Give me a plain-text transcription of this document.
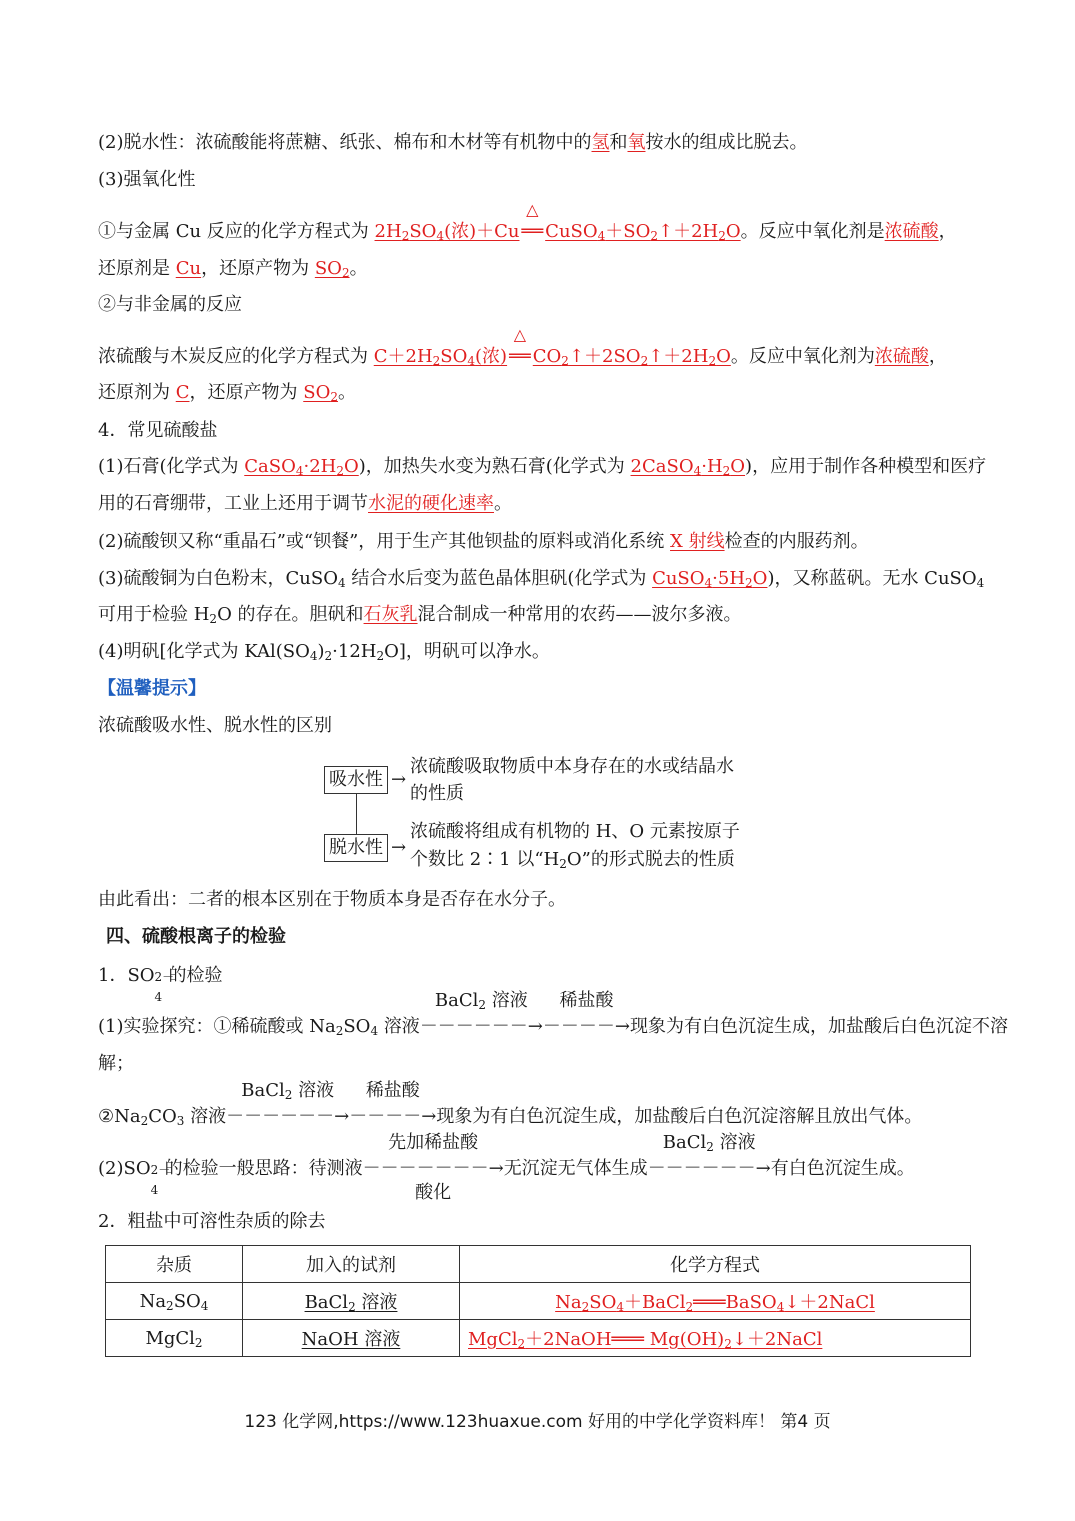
(2)脱水性：浓硫酸能将蔗糖、纸张、棉布和木材等有机物中的氢和氧按水的组成比脱去。
(3)强氧化性
①与金属 Cu 反应的化学方程式为 $2H_2SO_4$(浓)＋Cu
△
══ $CuSO_4+SO_2↑+2H_2O$。反应中氧化剂是浓硫酸，
还原剂是 Cu，还原产物为 $SO_2$。
②与非金属的反应
浓硫酸与木炭反应的化学方程式为 $C+2H_2SO_4$(浓)
△
══ $CO_2↑+2SO_2↑+2H_2O$。反应中氧化剂为浓硫酸，
还原剂为 C，还原产物为 $SO_2$。
4．常见硫酸盐
(1)石膏(化学式为 $CaSO_4\cdot 2H_2O$)，加热失水变为熟石膏(化学式为 $2CaSO_4\cdot H_2O$)，应用于制作各种模型和医疗
用的石膏绷带，工业上还用于调节水泥的硬化速率。
(2)硫酸钡又称“重晶石”或“钡餐”，用于生产其他钡盐的原料或消化系统 X 射线检查的内服药剂。
(3)硫酸铜为白色粉末，CuSO$_4$ 结合水后变为蓝色晶体胆矾(化学式为 $CuSO_4\cdot 5H_2O$)，又称蓝矾。无水 CuSO$_4$
可用于检验 $H_2O$ 的存在。胆矾和石灰乳混合制成一种常用的农药——波尔多液。
(4)明矾[化学式为 $KAl(SO_4)_2\cdot 12H_2O$]，明矾可以净水。
【温馨提示】
浓硫酸吸水性、脱水性的区别
吸水性
脱水性
→
→
浓硫酸吸取物质中本身存在的水或结晶水
的性质
浓硫酸将组成有机物的 H、O 元素按原子
个数比 2∶1 以“$H_2O$”的形式脱去的性质
由此看出：二者的根本区别在于物质本身是否存在水分子。
四、硫酸根离子的检验
1．SO 2－
4
的检验
(1)实验探究：①稀硫酸或 $Na_2SO_4$ 溶液
BaCl$_2$ 溶液
－－－－－－→
稀盐酸
－－－－→现象为有白色沉淀生成，加盐酸后白色沉淀不溶
解；
$②Na_2CO_3$ 溶液
BaCl$_2$ 溶液
－－－－－－→
稀盐酸
－－－－→现象为有白色沉淀生成，加盐酸后白色沉淀溶解且放出气体。
(2)SO 2－
4
的检验一般思路：待测液
先加稀盐酸
酸化
－－－－－－－→无沉淀无气体生成
BaCl$_2$ 溶液
－－－－－－→有白色沉淀生成。
2．粗盐中可溶性杂质的除去
杂质	加入的试剂	化学方程式
$Na_2SO_4$	BaCl$_2$ 溶液	$Na_2SO_4+BaCl_2═══BaSO_4↓+2NaCl$
MgCl$_2$	NaOH 溶液	MgCl$_2$＋2NaOH═══ $Mg(OH)_2↓+2NaCl$
123 化学网,https://www.123huaxue.com 好用的中学化学资料库！ 第4 页
